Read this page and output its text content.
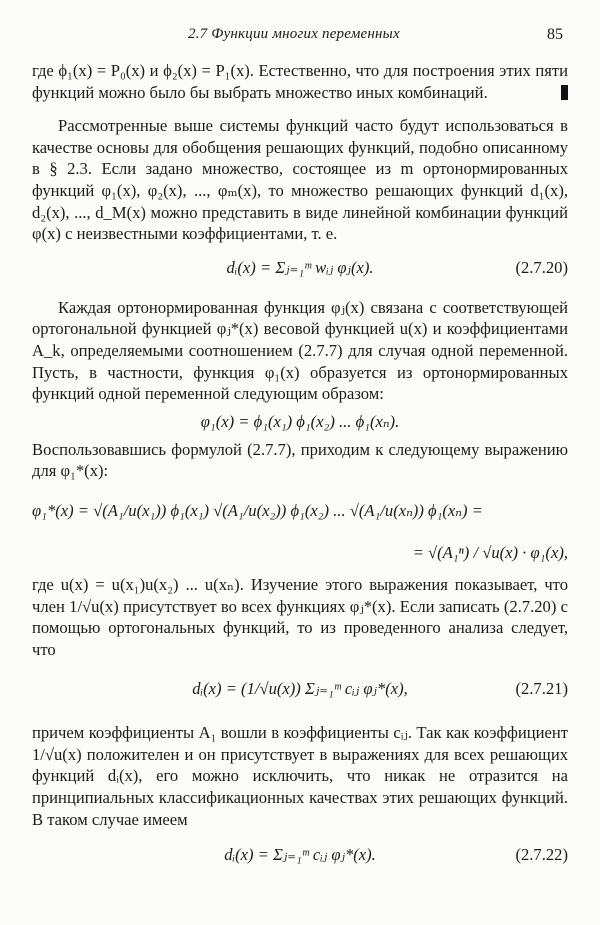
2.7 Функции многих переменных	85

где ϕ₁(x) = P₀(x) и ϕ₂(x) = P₁(x). Естественно, что для построения этих пяти функций можно было бы выбрать множество иных комбинаций.

Рассмотренные выше системы функций часто будут использоваться в качестве основы для обобщения решающих функций, подобно описанному в § 2.3. Если задано множество, состоящее из m ортонормированных функций φ₁(x), φ₂(x), ..., φₘ(x), то множество решающих функций d₁(x), d₂(x), ..., d_M(x) можно представить в виде линейной комбинации функций φ(x) с неизвестными коэффициентами, т. е.

dᵢ(x) = Σⱼ₌₁ᵐ wᵢⱼ φⱼ(x).	(2.7.20)

Каждая ортонормированная функция φⱼ(x) связана с соответствующей ортогональной функцией φⱼ*(x) весовой функцией u(x) и коэффициентами A_k, определяемыми соотношением (2.7.7) для случая одной переменной. Пусть, в частности, функция φ₁(x) образуется из ортонормированных функций одной переменной следующим образом:

φ₁(x) = ϕ₁(x₁) ϕ₁(x₂) ... ϕ₁(xₙ).

Воспользовавшись формулой (2.7.7), приходим к следующему выражению для φ₁*(x):

φ₁*(x) = √(A₁/u(x₁)) ϕ₁(x₁) √(A₁/u(x₂)) ϕ₁(x₂) ... √(A₁/u(xₙ)) ϕ₁(xₙ) =
= √(A₁ⁿ) / √u(x) · φ₁(x),

где u(x) = u(x₁)u(x₂) ... u(xₙ). Изучение этого выражения показывает, что член 1/√u(x) присутствует во всех функциях φⱼ*(x). Если записать (2.7.20) с помощью ортогональных функций, то из проведенного анализа следует, что

dᵢ(x) = (1/√u(x)) Σⱼ₌₁ᵐ cᵢⱼ φⱼ*(x),	(2.7.21)

причем коэффициенты A₁ вошли в коэффициенты cᵢⱼ. Так как коэффициент 1/√u(x) положителен и он присутствует в выражениях для всех решающих функций dᵢ(x), его можно исключить, что никак не отразится на принципиальных классификационных качествах этих решающих функций. В таком случае имеем

dᵢ(x) = Σⱼ₌₁ᵐ cᵢⱼ φⱼ*(x).	(2.7.22)
